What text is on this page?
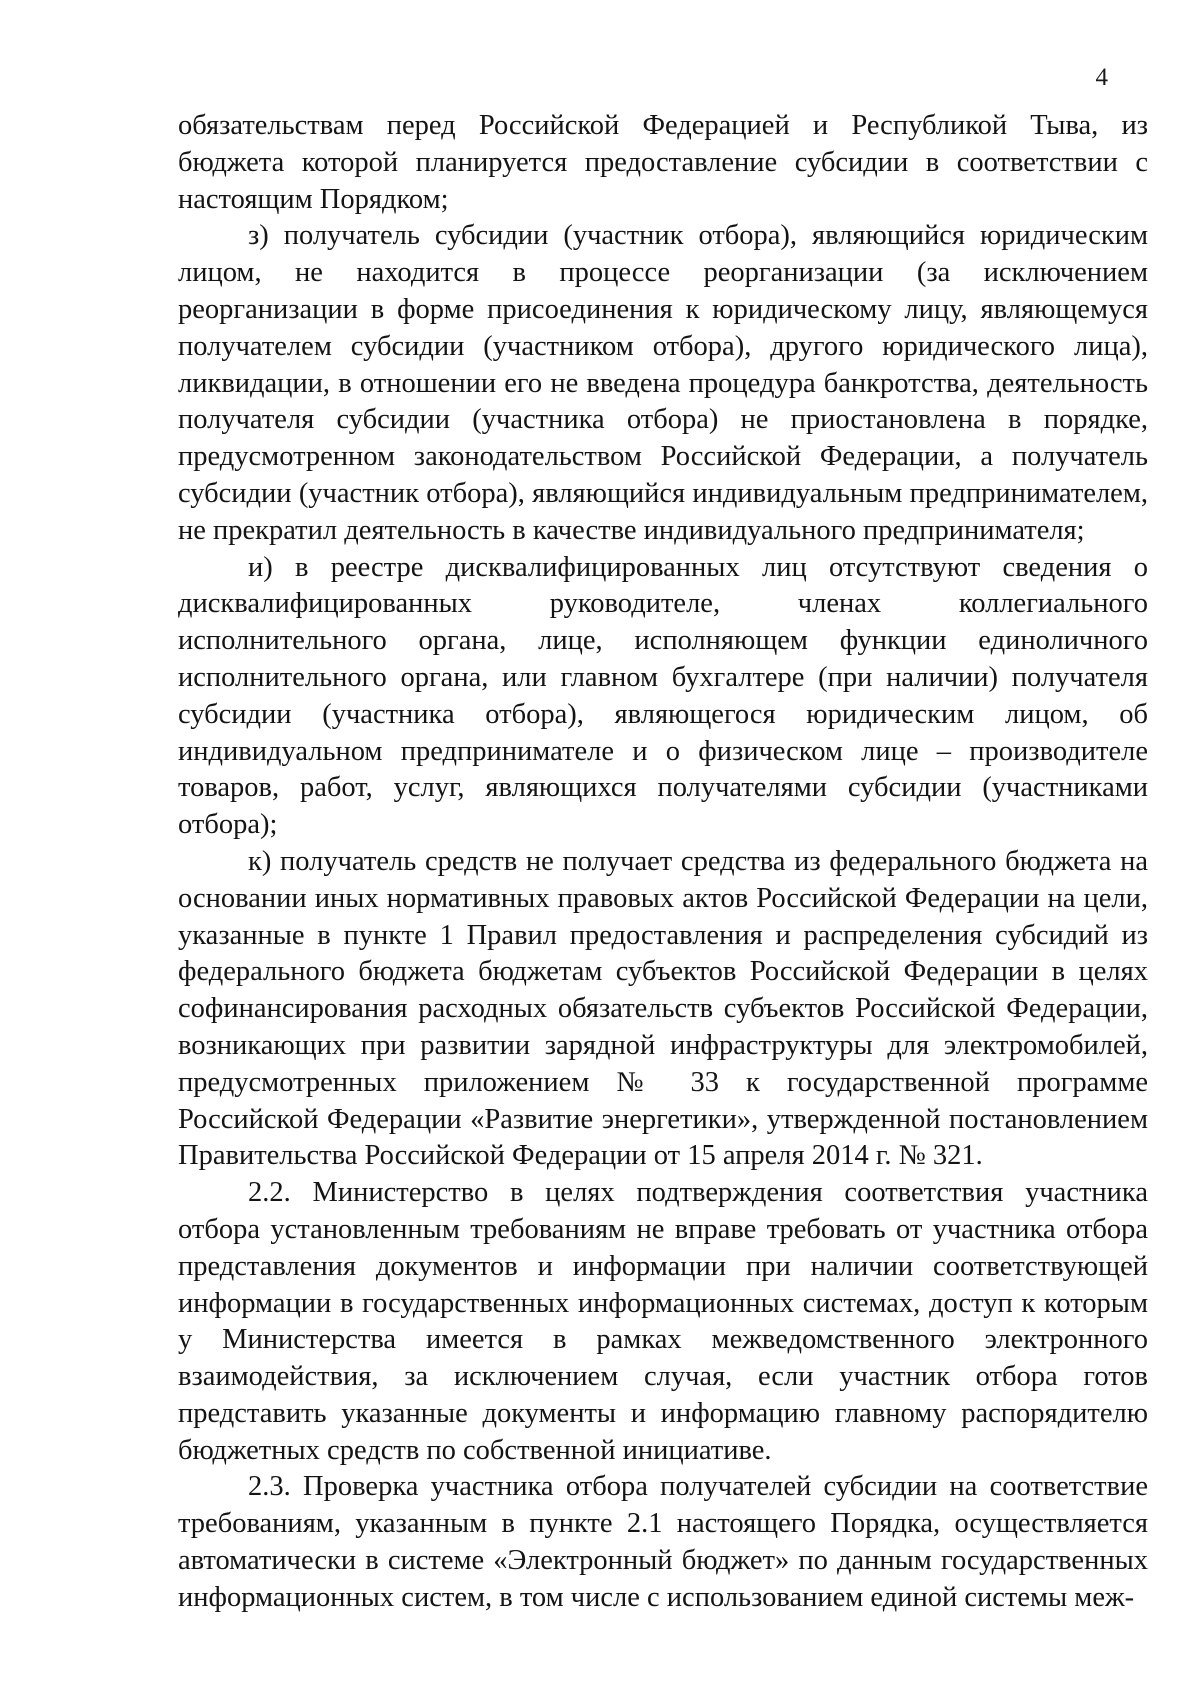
4

обязательствам перед Российской Федерацией и Республикой Тыва, из бюджета которой планируется предоставление субсидии в соответствии с настоящим Порядком;

з) получатель субсидии (участник отбора), являющийся юридическим лицом, не находится в процессе реорганизации (за исключением реорганизации в форме присоединения к юридическому лицу, являющемуся получателем субсидии (участником отбора), другого юридического лица), ликвидации, в отношении его не введена процедура банкротства, деятельность получателя субсидии (участника отбора) не приостановлена в порядке, предусмотренном законодательством Российской Федерации, а получатель субсидии (участник отбора), являющийся индивидуальным предпринимателем, не прекратил деятельность в качестве индивидуального предпринимателя;

и) в реестре дисквалифицированных лиц отсутствуют сведения о дисквалифицированных руководителе, членах коллегиального исполнительного органа, лице, исполняющем функции единоличного исполнительного органа, или главном бухгалтере (при наличии) получателя субсидии (участника отбора), являющегося юридическим лицом, об индивидуальном предпринимателе и о физическом лице – производителе товаров, работ, услуг, являющихся получателями субсидии (участниками отбора);

к) получатель средств не получает средства из федерального бюджета на основании иных нормативных правовых актов Российской Федерации на цели, указанные в пункте 1 Правил предоставления и распределения субсидий из федерального бюджета бюджетам субъектов Российской Федерации в целях софинансирования расходных обязательств субъектов Российской Федерации, возникающих при развитии зарядной инфраструктуры для электромобилей, предусмотренных приложением № 33 к государственной программе Российской Федерации «Развитие энергетики», утвержденной постановлением Правительства Российской Федерации от 15 апреля 2014 г. № 321.

2.2. Министерство в целях подтверждения соответствия участника отбора установленным требованиям не вправе требовать от участника отбора представления документов и информации при наличии соответствующей информации в государственных информационных системах, доступ к которым у Министерства имеется в рамках межведомственного электронного взаимодействия, за исключением случая, если участник отбора готов представить указанные документы и информацию главному распорядителю бюджетных средств по собственной инициативе.

2.3. Проверка участника отбора получателей субсидии на соответствие требованиям, указанным в пункте 2.1 настоящего Порядка, осуществляется автоматически в системе «Электронный бюджет» по данным государственных информационных систем, в том числе с использованием единой системы меж-
